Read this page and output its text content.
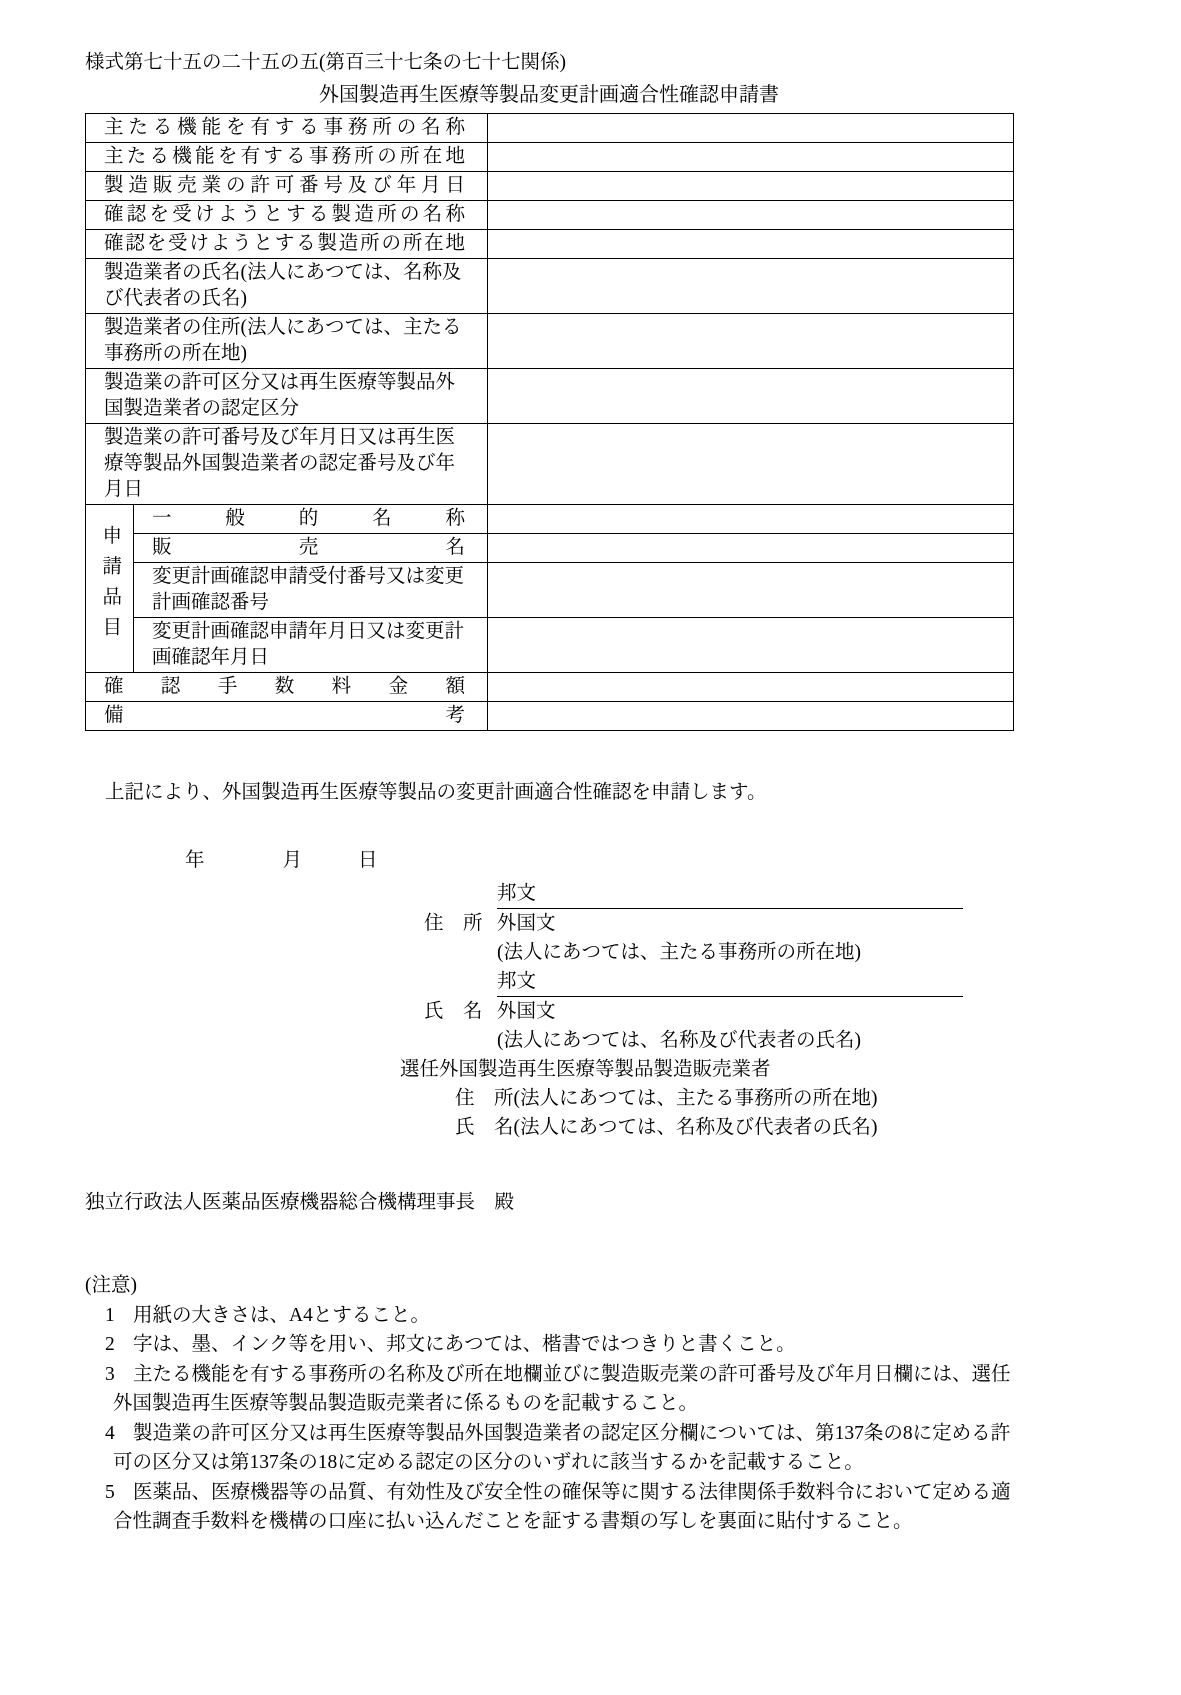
様式第七十五の二十五の五(第百三十七条の七十七関係)
外国製造再生医療等製品変更計画適合性確認申請書
主たる機能を有する事務所の名称		
主たる機能を有する事務所の所在地		
製造販売業の許可番号及び年月日		
確認を受けようとする製造所の名称		
確認を受けようとする製造所の所在地		
製造業者の氏名(法人にあつては、名称及び代表者の氏名)		
製造業者の住所(法人にあつては、主たる事務所の所在地)		
製造業の許可区分又は再生医療等製品外国製造業者の認定区分		
製造業の許可番号及び年月日又は再生医療等製品外国製造業者の認定番号及び年月日		
申請品目	一般的名称	
	販売名	
	変更計画確認申請受付番号又は変更計画確認番号	
	変更計画確認申請年月日又は変更計画確認年月日	
確認手数料金額		
備考		
上記により、外国製造再生医療等製品の変更計画適合性確認を申請します。
年	月	日
邦文
住　所 外国文
(法人にあつては、主たる事務所の所在地)
邦文
氏　名 外国文
(法人にあつては、名称及び代表者の氏名)
選任外国製造再生医療等製品製造販売業者
住　所(法人にあつては、主たる事務所の所在地)
氏　名(法人にあつては、名称及び代表者の氏名)
独立行政法人医薬品医療機器総合機構理事長　殿
(注意)
1 用紙の大きさは、A4とすること。
2 字は、墨、インク等を用い、邦文にあつては、楷書ではつきりと書くこと。
3 主たる機能を有する事務所の名称及び所在地欄並びに製造販売業の許可番号及び年月日欄には、選任外国製造再生医療等製品製造販売業者に係るものを記載すること。
4 製造業の許可区分又は再生医療等製品外国製造業者の認定区分欄については、第137条の8に定める許可の区分又は第137条の18に定める認定の区分のいずれに該当するかを記載すること。
5 医薬品、医療機器等の品質、有効性及び安全性の確保等に関する法律関係手数料令において定める適合性調査手数料を機構の口座に払い込んだことを証する書類の写しを裏面に貼付すること。
